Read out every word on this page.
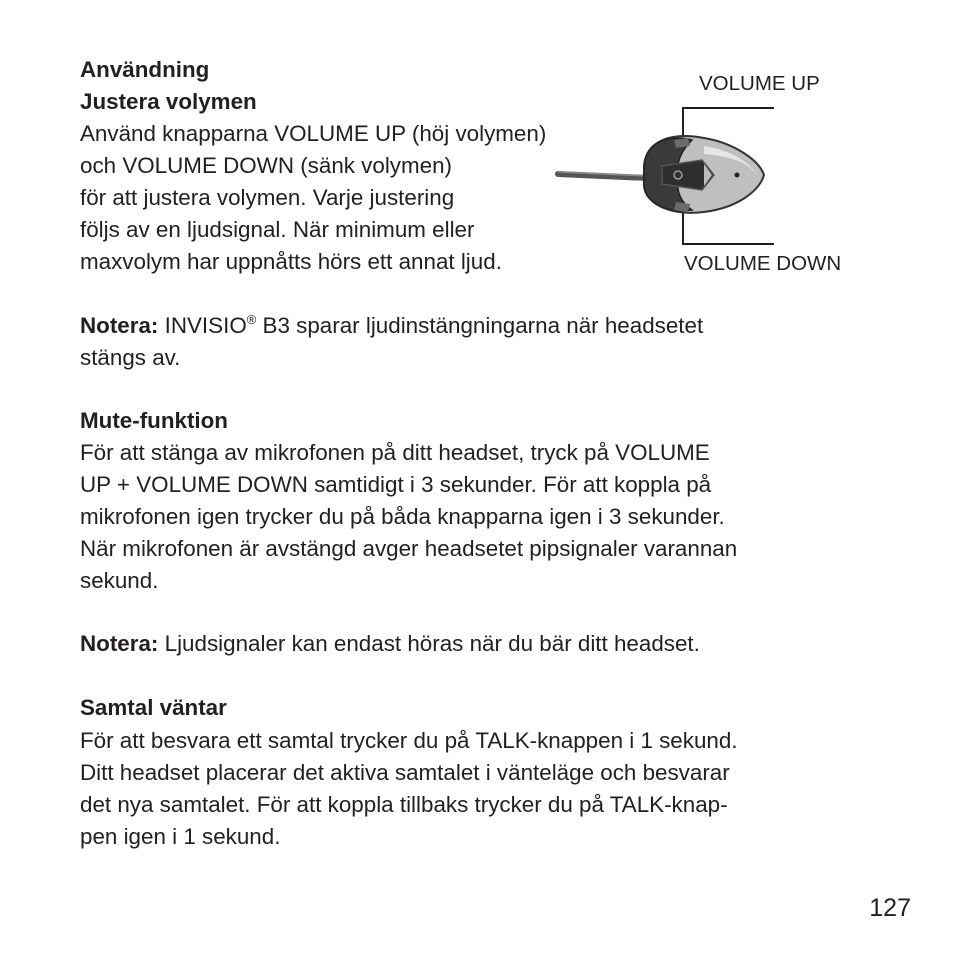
Användning
Justera volymen
Använd knapparna VOLUME UP (höj volymen)
och VOLUME DOWN (sänk volymen)
för att justera volymen. Varje justering
följs av en ljudsignal. När minimum eller
maxvolym har uppnåtts hörs ett annat ljud.
VOLUME UP
VOLUME DOWN
Notera: INVISIO® B3 sparar ljudinstängningarna när headsetet
stängs av.
Mute-funktion
För att stänga av mikrofonen på ditt headset, tryck på VOLUME
UP + VOLUME DOWN samtidigt i 3 sekunder. För att koppla på
mikrofonen igen trycker du på båda knapparna igen i 3 sekunder.
När mikrofonen är avstängd avger headsetet pipsignaler varannan
sekund.
Notera: Ljudsignaler kan endast höras när du bär ditt headset.
Samtal väntar
För att besvara ett samtal trycker du på TALK-knappen i 1 sekund.
Ditt headset placerar det aktiva samtalet i vänteläge och besvarar
det nya samtalet. För att koppla tillbaks trycker du på TALK-knap-
pen igen i 1 sekund.
127
